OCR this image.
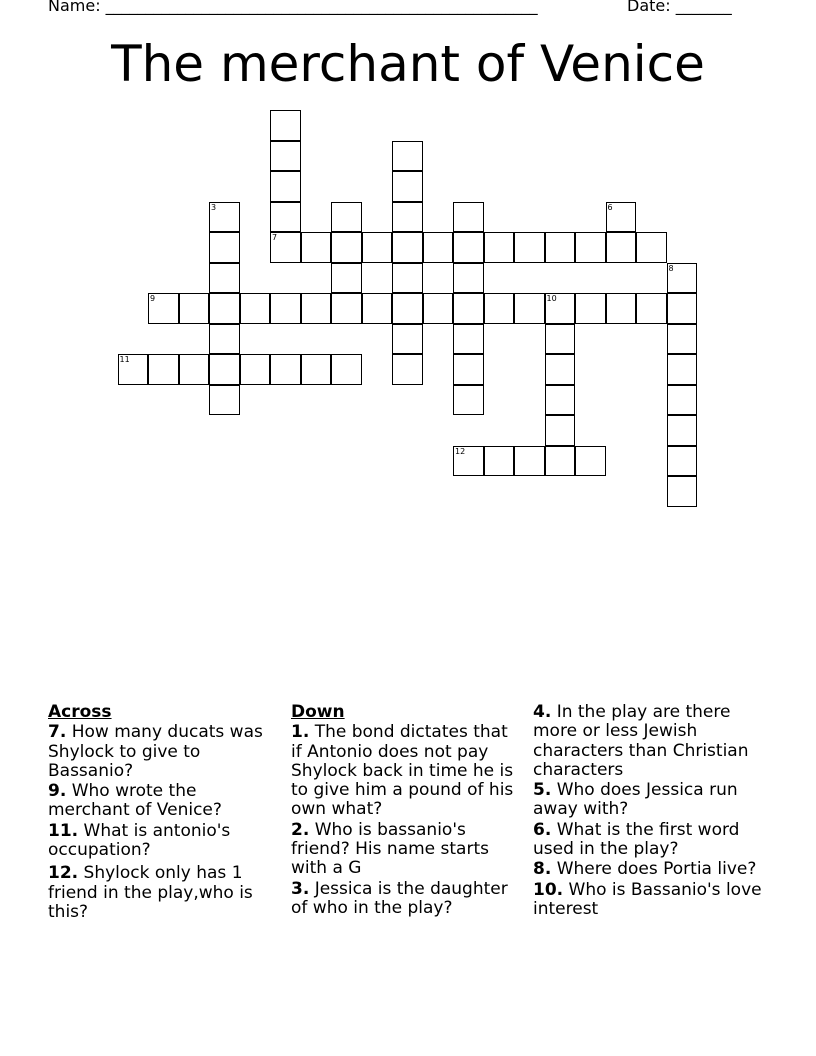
Name: ______________________________________________________	Date: _______
The merchant of Venice
3	6
7
8
9	10
11
12
Across
7. How many ducats was Shylock to give to Bassanio?
9. Who wrote the merchant of Venice?
11. What is antonio's occupation?
12. Shylock only has 1 friend in the play,who is this?
Down
1. The bond dictates that if Antonio does not pay Shylock back in time he is to give him a pound of his own what?
2. Who is bassanio's friend? His name starts with a G
3. Jessica is the daughter of who in the play?
4. In the play are there more or less Jewish characters than Christian characters
5. Who does Jessica run away with?
6. What is the first word used in the play?
8. Where does Portia live?
10. Who is Bassanio's love interest
